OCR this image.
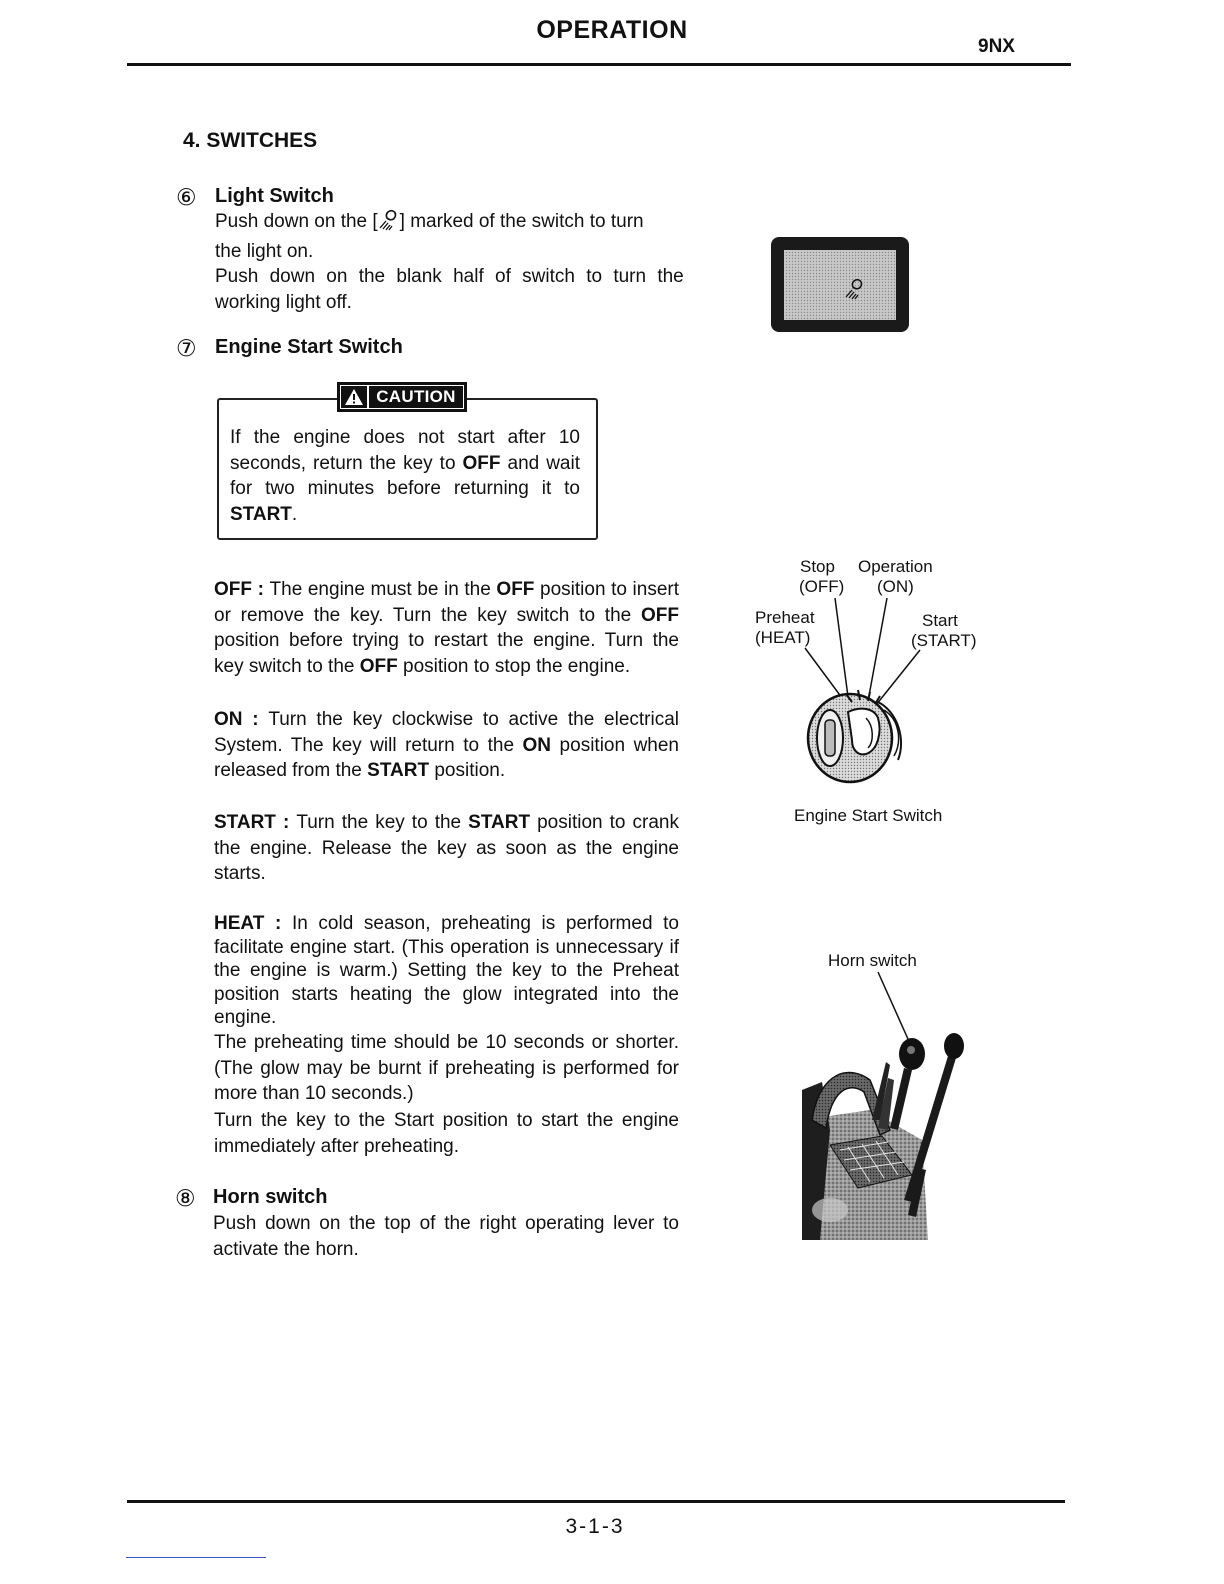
OPERATION
9NX
4. SWITCHES
⑥ Light Switch
Push down on the [ ] marked of the switch to turn
the light on.
Push down on the blank half of switch to turn the
working light off.
⑦ Engine Start Switch
CAUTION
If the engine does not start after 10 seconds, return the key to OFF and wait for two minutes before returning it to START.
OFF : The engine must be in the OFF position to insert or remove the key. Turn the key switch to the OFF position before trying to restart the engine. Turn the key switch to the OFF position to stop the engine.
ON : Turn the key clockwise to active the electrical System. The key will return to the ON position when released from the START position.
START : Turn the key to the START position to crank the engine. Release the key as soon as the engine starts.
HEAT : In cold season, preheating is performed to facilitate engine start. (This operation is unnecessary if the engine is warm.) Setting the key to the Preheat position starts heating the glow integrated into the engine.
The preheating time should be 10 seconds or shorter. (The glow may be burnt if preheating is performed for more than 10 seconds.)
Turn the key to the Start position to start the engine immediately after preheating.
⑧ Horn switch
Push down on the top of the right operating lever to activate the horn.
Stop
(OFF)
Operation
(ON)
Preheat
(HEAT)
Start
(START)
Engine Start Switch
Horn switch
3-1-3
